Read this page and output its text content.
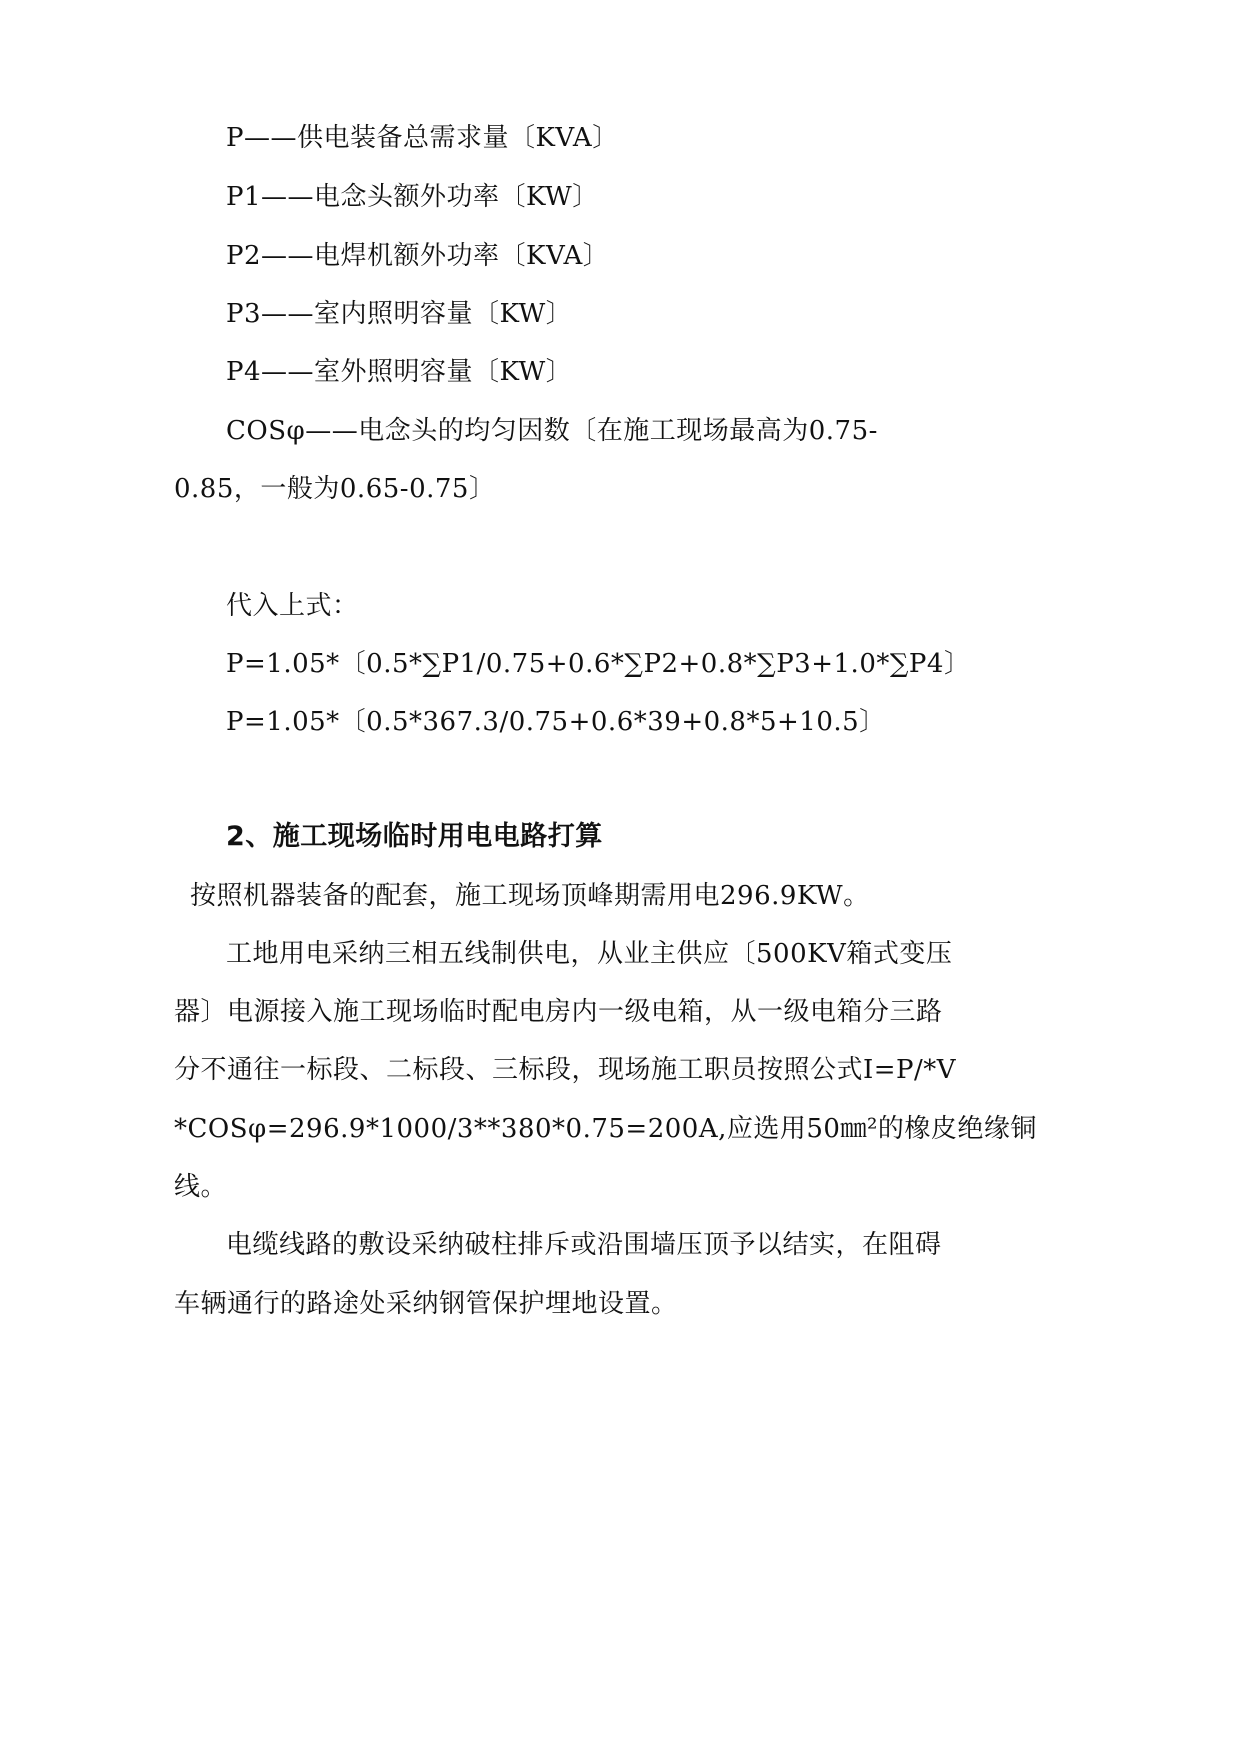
P——供电装备总需求量〔KVA〕
P1——电念头额外功率〔KW〕
P2——电焊机额外功率〔KVA〕
P3——室内照明容量〔KW〕
P4——室外照明容量〔KW〕
COSφ——电念头的均匀因数〔在施工现场最高为0.75-
0.85，一般为0.65-0.75〕
代入上式：
P=1.05*〔0.5*∑P1/0.75+0.6*∑P2+0.8*∑P3+1.0*∑P4〕
P=1.05*〔0.5*367.3/0.75+0.6*39+0.8*5+10.5〕
2、施工现场临时用电电路打算
按照机器装备的配套，施工现场顶峰期需用电296.9KW。
工地用电采纳三相五线制供电，从业主供应〔500KV箱式变压
器〕电源接入施工现场临时配电房内一级电箱，从一级电箱分三路
分不通往一标段、二标段、三标段，现场施工职员按照公式I=P/*V
*COSφ=296.9*1000/3**380*0.75=200A,应选用50㎜²的橡皮绝缘铜
线。
电缆线路的敷设采纳破柱排斥或沿围墙压顶予以结实，在阻碍
车辆通行的路途处采纳钢管保护埋地设置。
